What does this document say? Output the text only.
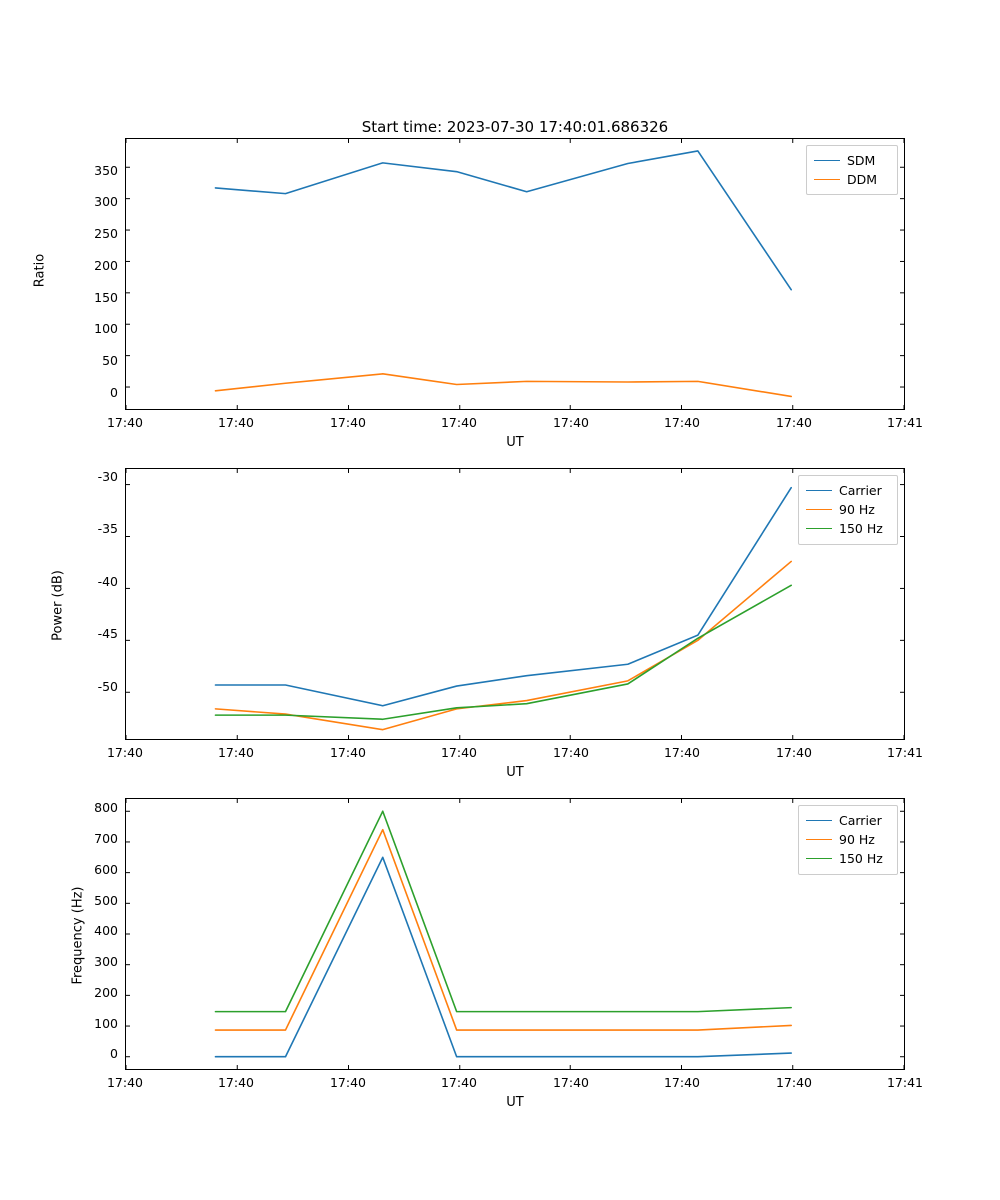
Start time: 2023-07-30 17:40:01.686326
Ratio
17:40	17:40	17:40	17:40	17:40	17:40	17:40	17:41
UT
350
300
250
200
150
100
50
0
SDM
DDM
Power (dB)
17:40	17:40	17:40	17:40	17:40	17:40	17:40	17:41
UT
-30
-35
-40
-45
-50
Carrier
90 Hz
150 Hz
Frequency (Hz)
17:40	17:40	17:40	17:40	17:40	17:40	17:40	17:41
UT
800
700
600
500
400
300
200
100
0
Carrier
90 Hz
150 Hz
